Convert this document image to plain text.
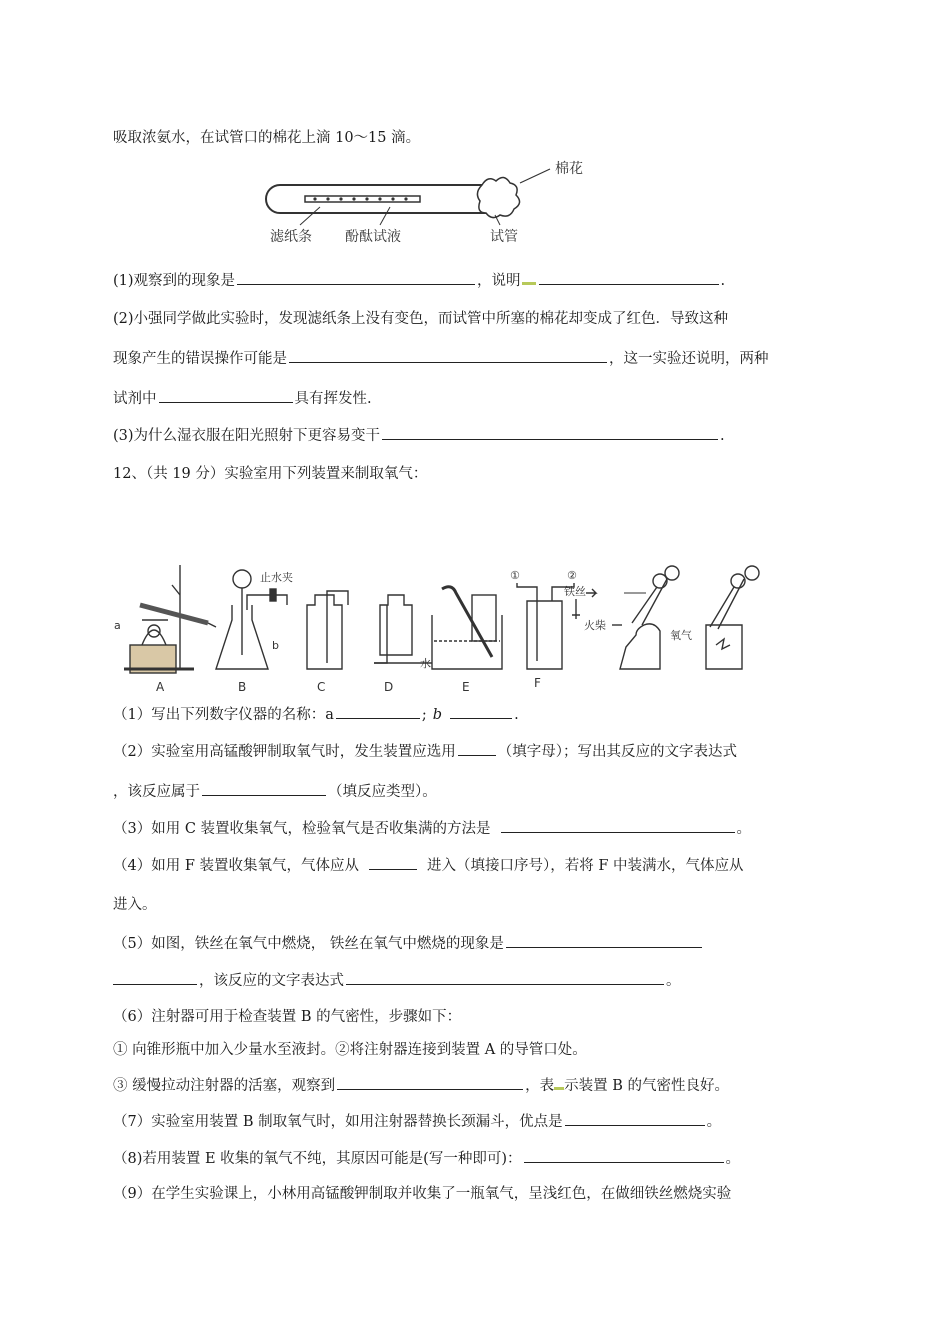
吸取浓氨水，在试管口的棉花上滴 10～15 滴。
棉花
滤纸条 酚酞试液	试管
(1)观察到的现象是	，说明	.
(2)小强同学做此实验时，发现滤纸条上没有变色，而试管中所塞的棉花却变成了红色．导致这种
现象产生的错误操作可能是	，这一实验还说明，两种
试剂中	具有挥发性.
(3)为什么湿衣服在阳光照射下更容易变干	.
12、（共 19 分）实验室用下列装置来制取氧气：
a
止水夹
b
水
①	②
铁丝
火柴
氧气
A	B	C	D	E	F
（1）写出下列数字仪器的名称：a	; b	.
（2）实验室用高锰酸钾制取氧气时，发生装置应选用	（填字母）；写出其反应的文字表达式
，该反应属于	（填反应类型）。
（3）如用 C 装置收集氧气，检验氧气是否收集满的方法是	。
（4）如用 F 装置收集氧气，气体应从	进入（填接口序号），若将 F 中装满水，气体应从
进入。
（5）如图，铁丝在氧气中燃烧， 铁丝在氧气中燃烧的现象是
，该反应的文字表达式	。
（6）注射器可用于检查装置 B 的气密性，步骤如下：
① 向锥形瓶中加入少量水至液封。②将注射器连接到装置 A 的导管口处。
③ 缓慢拉动注射器的活塞，观察到	，表 示装置 B 的气密性良好。
（7）实验室用装置 B 制取氧气时，如用注射器替换长颈漏斗，优点是	。
（8)若用装置 E 收集的氧气不纯，其原因可能是(写一种即可)：	。
（9）在学生实验课上，小林用高锰酸钾制取并收集了一瓶氧气，呈浅红色，在做细铁丝燃烧实验
